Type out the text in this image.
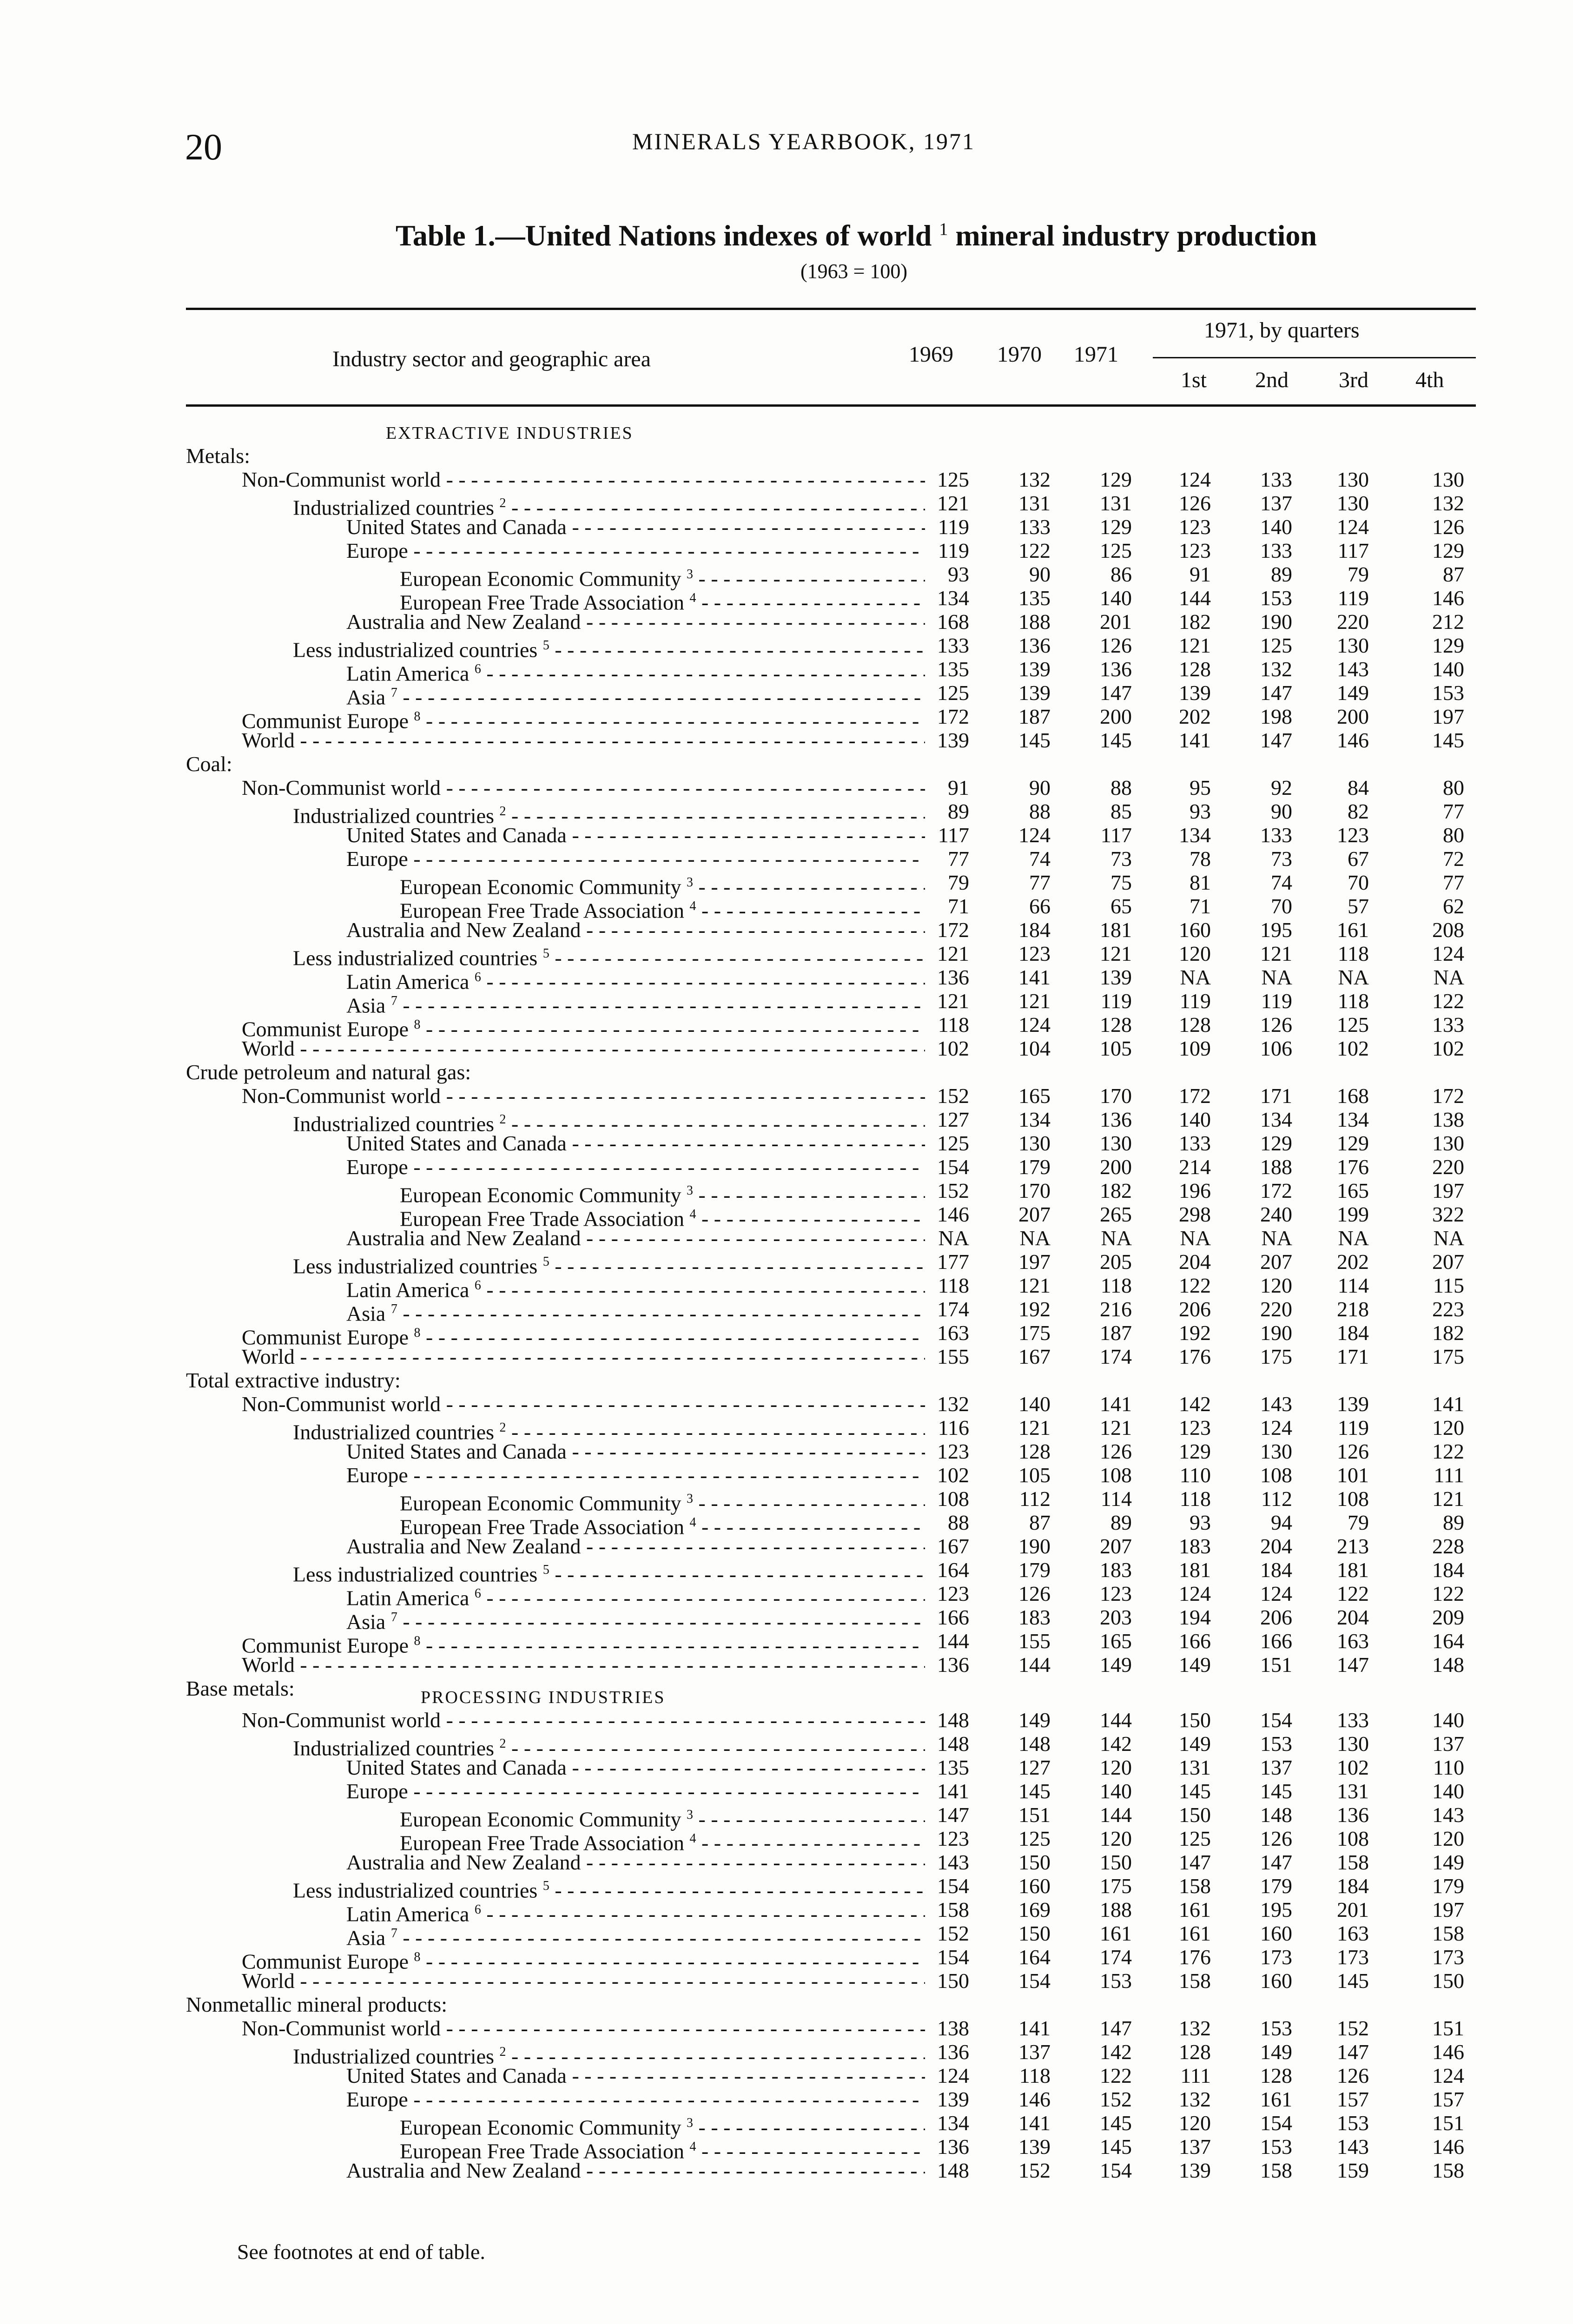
20	MINERALS YEARBOOK, 1971
Table 1.—United Nations indexes of world $^1$ mineral industry production
(1963 = 100)
Industry sector and geographic area	1969 1970 1971
1971, by quarters
1st 2nd 3rd 4th
EXTRACTIVE INDUSTRIES
PROCESSING INDUSTRIES
Metals:
Non-Communist world - - -	125	132	129	124	133	130	130
Industrialized countries $^2$ - - -	121	131	131	126	137	130	132
United States and Canada - - -	119	133	129	123	140	124	126
Europe - - -	119	122	125	123	133	117	129
European Economic Community $^3$ - - -	93	90	86	91	89	79	87
European Free Trade Association $^4$ - - -	134	135	140	144	153	119	146
Australia and New Zealand - - -	168	188	201	182	190	220	212
Less industrialized countries $^5$ - - -	133	136	126	121	125	130	129
Latin America $^6$ - - -	135	139	136	128	132	143	140
Asia $^7$ - - -	125	139	147	139	147	149	153
Communist Europe $^8$ - - -	172	187	200	202	198	200	197
World - - -	139	145	145	141	147	146	145
Coal:
Non-Communist world - - -	91	90	88	95	92	84	80
Industrialized countries $^2$ - - -	89	88	85	93	90	82	77
United States and Canada - - -	117	124	117	134	133	123	80
Europe - - -	77	74	73	78	73	67	72
European Economic Community $^3$ - - -	79	77	75	81	74	70	77
European Free Trade Association $^4$ - - -	71	66	65	71	70	57	62
Australia and New Zealand - - -	172	184	181	160	195	161	208
Less industrialized countries $^5$ - - -	121	123	121	120	121	118	124
Latin America $^6$ - - -	136	141	139	NA	NA	NA	NA
Asia $^7$ - - -	121	121	119	119	119	118	122
Communist Europe $^8$ - - -	118	124	128	128	126	125	133
World - - -	102	104	105	109	106	102	102
Crude petroleum and natural gas:
Non-Communist world - - -	152	165	170	172	171	168	172
Industrialized countries $^2$ - - -	127	134	136	140	134	134	138
United States and Canada - - -	125	130	130	133	129	129	130
Europe - - -	154	179	200	214	188	176	220
European Economic Community $^3$ - - -	152	170	182	196	172	165	197
European Free Trade Association $^4$ - - -	146	207	265	298	240	199	322
Australia and New Zealand - - -	NA	NA	NA	NA	NA	NA	NA
Less industrialized countries $^5$ - - -	177	197	205	204	207	202	207
Latin America $^6$ - - -	118	121	118	122	120	114	115
Asia $^7$ - - -	174	192	216	206	220	218	223
Communist Europe $^8$ - - -	163	175	187	192	190	184	182
World - - -	155	167	174	176	175	171	175
Total extractive industry:
Non-Communist world - - -	132	140	141	142	143	139	141
Industrialized countries $^2$ - - -	116	121	121	123	124	119	120
United States and Canada - - -	123	128	126	129	130	126	122
Europe - - -	102	105	108	110	108	101	111
European Economic Community $^3$ - - -	108	112	114	118	112	108	121
European Free Trade Association $^4$ - - -	88	87	89	93	94	79	89
Australia and New Zealand - - -	167	190	207	183	204	213	228
Less industrialized countries $^5$ - - -	164	179	183	181	184	181	184
Latin America $^6$ - - -	123	126	123	124	124	122	122
Asia $^7$ - - -	166	183	203	194	206	204	209
Communist Europe $^8$ - - -	144	155	165	166	166	163	164
World - - -	136	144	149	149	151	147	148
Base metals:
Non-Communist world - - -	148	149	144	150	154	133	140
Industrialized countries $^2$ - - -	148	148	142	149	153	130	137
United States and Canada - - -	135	127	120	131	137	102	110
Europe - - -	141	145	140	145	145	131	140
European Economic Community $^3$ - - -	147	151	144	150	148	136	143
European Free Trade Association $^4$ - - -	123	125	120	125	126	108	120
Australia and New Zealand - - -	143	150	150	147	147	158	149
Less industrialized countries $^5$ - - -	154	160	175	158	179	184	179
Latin America $^6$ - - -	158	169	188	161	195	201	197
Asia $^7$ - - -	152	150	161	161	160	163	158
Communist Europe $^8$ - - -	154	164	174	176	173	173	173
World - - -	150	154	153	158	160	145	150
Nonmetallic mineral products:
Non-Communist world - - -	138	141	147	132	153	152	151
Industrialized countries $^2$ - - -	136	137	142	128	149	147	146
United States and Canada - - -	124	118	122	111	128	126	124
Europe - - -	139	146	152	132	161	157	157
European Economic Community $^3$ - - -	134	141	145	120	154	153	151
European Free Trade Association $^4$ - - -	136	139	145	137	153	143	146
Australia and New Zealand - - -	148	152	154	139	158	159	158
See footnotes at end of table.
